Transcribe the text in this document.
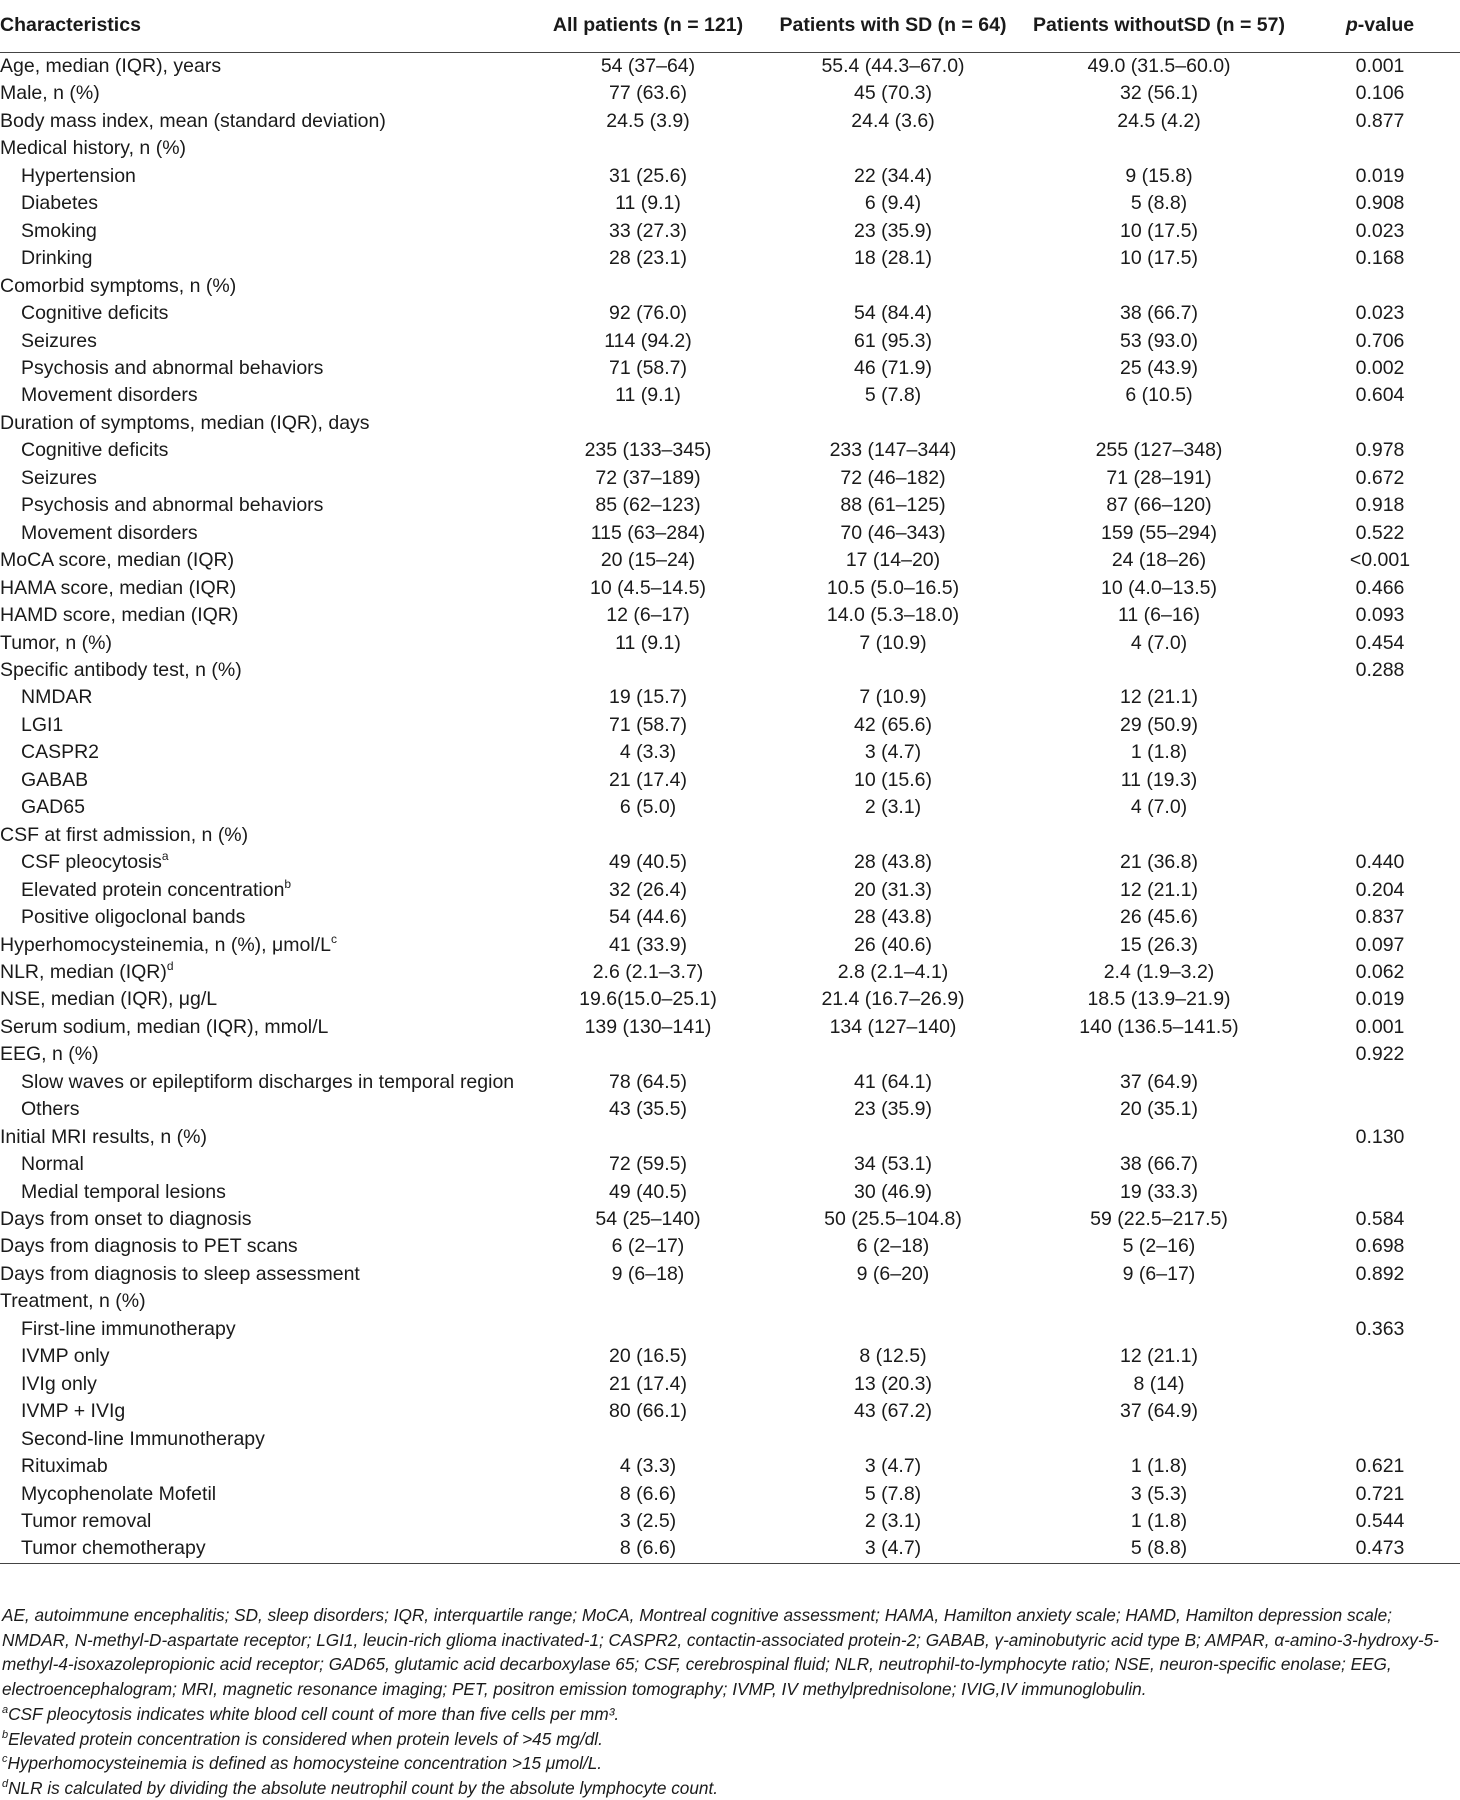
Characteristics	All patients (n = 121)	Patients with SD (n = 64)	Patients withoutSD (n = 57)	p-value
Age, median (IQR), years	54 (37–64)	55.4 (44.3–67.0)	49.0 (31.5–60.0)	0.001
Male, n (%)	77 (63.6)	45 (70.3)	32 (56.1)	0.106
Body mass index, mean (standard deviation)	24.5 (3.9)	24.4 (3.6)	24.5 (4.2)	0.877
Medical history, n (%)				
Hypertension	31 (25.6)	22 (34.4)	9 (15.8)	0.019
Diabetes	11 (9.1)	6 (9.4)	5 (8.8)	0.908
Smoking	33 (27.3)	23 (35.9)	10 (17.5)	0.023
Drinking	28 (23.1)	18 (28.1)	10 (17.5)	0.168
Comorbid symptoms, n (%)				
Cognitive deficits	92 (76.0)	54 (84.4)	38 (66.7)	0.023
Seizures	114 (94.2)	61 (95.3)	53 (93.0)	0.706
Psychosis and abnormal behaviors	71 (58.7)	46 (71.9)	25 (43.9)	0.002
Movement disorders	11 (9.1)	5 (7.8)	6 (10.5)	0.604
Duration of symptoms, median (IQR), days				
Cognitive deficits	235 (133–345)	233 (147–344)	255 (127–348)	0.978
Seizures	72 (37–189)	72 (46–182)	71 (28–191)	0.672
Psychosis and abnormal behaviors	85 (62–123)	88 (61–125)	87 (66–120)	0.918
Movement disorders	115 (63–284)	70 (46–343)	159 (55–294)	0.522
MoCA score, median (IQR)	20 (15–24)	17 (14–20)	24 (18–26)	<0.001
HAMA score, median (IQR)	10 (4.5–14.5)	10.5 (5.0–16.5)	10 (4.0–13.5)	0.466
HAMD score, median (IQR)	12 (6–17)	14.0 (5.3–18.0)	11 (6–16)	0.093
Tumor, n (%)	11 (9.1)	7 (10.9)	4 (7.0)	0.454
Specific antibody test, n (%)				0.288
NMDAR	19 (15.7)	7 (10.9)	12 (21.1)	
LGI1	71 (58.7)	42 (65.6)	29 (50.9)	
CASPR2	4 (3.3)	3 (4.7)	1 (1.8)	
GABAB	21 (17.4)	10 (15.6)	11 (19.3)	
GAD65	6 (5.0)	2 (3.1)	4 (7.0)	
CSF at first admission, n (%)				
CSF pleocytosis$^a$	49 (40.5)	28 (43.8)	21 (36.8)	0.440
Elevated protein concentration$^b$	32 (26.4)	20 (31.3)	12 (21.1)	0.204
Positive oligoclonal bands	54 (44.6)	28 (43.8)	26 (45.6)	0.837
Hyperhomocysteinemia, n (%), μmol/$L^c$	41 (33.9)	26 (40.6)	15 (26.3)	0.097
NLR, median (IQR)$^d$	2.6 (2.1–3.7)	2.8 (2.1–4.1)	2.4 (1.9–3.2)	0.062
NSE, median (IQR), μg/L	19.6(15.0–25.1)	21.4 (16.7–26.9)	18.5 (13.9–21.9)	0.019
Serum sodium, median (IQR), mmol/L	139 (130–141)	134 (127–140)	140 (136.5–141.5)	0.001
EEG, n (%)				0.922
Slow waves or epileptiform discharges in temporal region	78 (64.5)	41 (64.1)	37 (64.9)	
Others	43 (35.5)	23 (35.9)	20 (35.1)	
Initial MRI results, n (%)				0.130
Normal	72 (59.5)	34 (53.1)	38 (66.7)	
Medial temporal lesions	49 (40.5)	30 (46.9)	19 (33.3)	
Days from onset to diagnosis	54 (25–140)	50 (25.5–104.8)	59 (22.5–217.5)	0.584
Days from diagnosis to PET scans	6 (2–17)	6 (2–18)	5 (2–16)	0.698
Days from diagnosis to sleep assessment	9 (6–18)	9 (6–20)	9 (6–17)	0.892
Treatment, n (%)				
First-line immunotherapy				0.363
IVMP only	20 (16.5)	8 (12.5)	12 (21.1)	
IVIg only	21 (17.4)	13 (20.3)	8 (14)	
IVMP + IVIg	80 (66.1)	43 (67.2)	37 (64.9)	
Second-line Immunotherapy				
Rituximab	4 (3.3)	3 (4.7)	1 (1.8)	0.621
Mycophenolate Mofetil	8 (6.6)	5 (7.8)	3 (5.3)	0.721
Tumor removal	3 (2.5)	2 (3.1)	1 (1.8)	0.544
Tumor chemotherapy	8 (6.6)	3 (4.7)	5 (8.8)	0.473

AE, autoimmune encephalitis; SD, sleep disorders; IQR, interquartile range; MoCA, Montreal cognitive assessment; HAMA, Hamilton anxiety scale; HAMD, Hamilton depression scale; NMDAR, N-methyl-D-aspartate receptor; LGI1, leucin-rich glioma inactivated-1; CASPR2, contactin-associated protein-2; GABAB, γ-aminobutyric acid type B; AMPAR, α-amino-3-hydroxy-5-methyl-4-isoxazolepropionic acid receptor; GAD65, glutamic acid decarboxylase 65; CSF, cerebrospinal fluid; NLR, neutrophil-to-lymphocyte ratio; NSE, neuron-specific enolase; EEG, electroencephalogram; MRI, magnetic resonance imaging; PET, positron emission tomography; IVMP, IV methylprednisolone; IVIG,IV immunoglobulin.

$^a$CSF pleocytosis indicates white blood cell count of more than five cells per mm³.

$^b$Elevated protein concentration is considered when protein levels of >45 mg/dl.

$^c$Hyperhomocysteinemia is defined as homocysteine concentration >15 μmol/L.

$^d$NLR is calculated by dividing the absolute neutrophil count by the absolute lymphocyte count.
